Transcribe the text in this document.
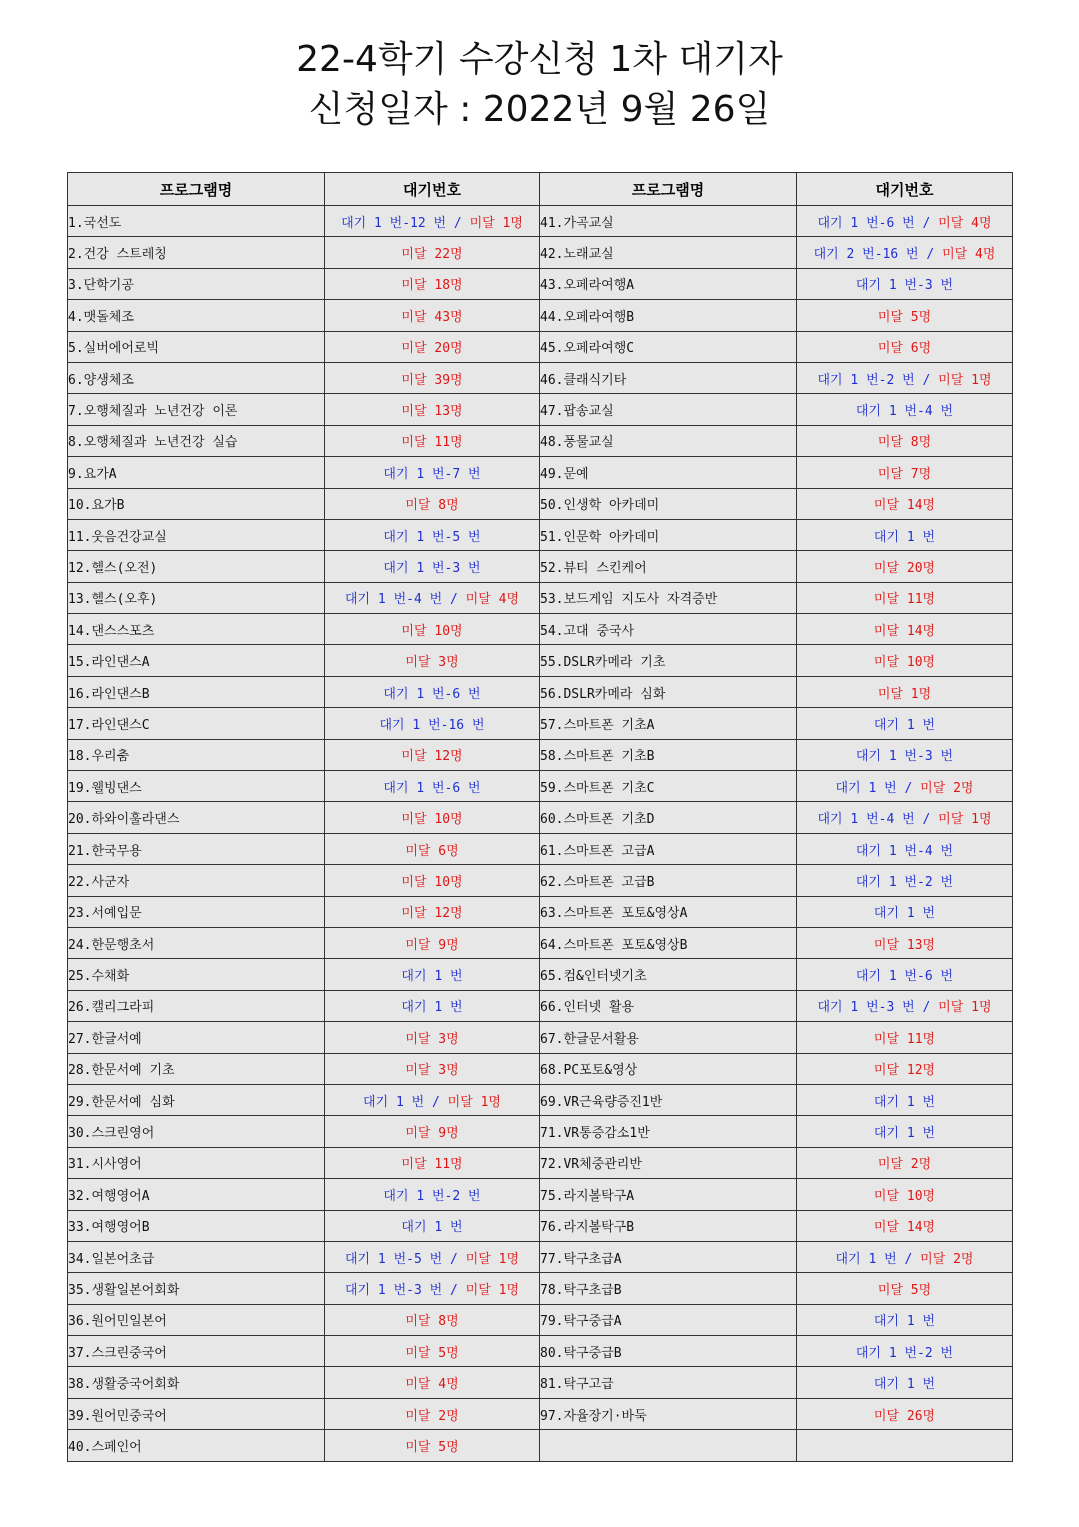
22-4학기 수강신청 1차 대기자
신청일자 : 2022년 9월 26일
프로그램명	대기번호	프로그램명	대기번호
1.국선도	대기 1 번-12 번 / 미달 1명	41.가곡교실	대기 1 번-6 번 / 미달 4명
2.건강 스트레칭	미달 22명	42.노래교실	대기 2 번-16 번 / 미달 4명
3.단학기공	미달 18명	43.오페라여행A	대기 1 번-3 번
4.맷돌체조	미달 43명	44.오페라여행B	미달 5명
5.실버에어로빅	미달 20명	45.오페라여행C	미달 6명
6.양생체조	미달 39명	46.클래식기타	대기 1 번-2 번 / 미달 1명
7.오행체질과 노년건강 이론	미달 13명	47.팝송교실	대기 1 번-4 번
8.오행체질과 노년건강 실습	미달 11명	48.풍물교실	미달 8명
9.요가A	대기 1 번-7 번	49.문예	미달 7명
10.요가B	미달 8명	50.인생학 아카데미	미달 14명
11.웃음건강교실	대기 1 번-5 번	51.인문학 아카데미	대기 1 번
12.헬스(오전)	대기 1 번-3 번	52.뷰티 스킨케어	미달 20명
13.헬스(오후)	대기 1 번-4 번 / 미달 4명	53.보드게임 지도사 자격증반	미달 11명
14.댄스스포츠	미달 10명	54.고대 중국사	미달 14명
15.라인댄스A	미달 3명	55.DSLR카메라 기초	미달 10명
16.라인댄스B	대기 1 번-6 번	56.DSLR카메라 심화	미달 1명
17.라인댄스C	대기 1 번-16 번	57.스마트폰 기초A	대기 1 번
18.우리춤	미달 12명	58.스마트폰 기초B	대기 1 번-3 번
19.웰빙댄스	대기 1 번-6 번	59.스마트폰 기초C	대기 1 번 / 미달 2명
20.하와이훌라댄스	미달 10명	60.스마트폰 기초D	대기 1 번-4 번 / 미달 1명
21.한국무용	미달 6명	61.스마트폰 고급A	대기 1 번-4 번
22.사군자	미달 10명	62.스마트폰 고급B	대기 1 번-2 번
23.서예입문	미달 12명	63.스마트폰 포토&영상A	대기 1 번
24.한문행초서	미달 9명	64.스마트폰 포토&영상B	미달 13명
25.수채화	대기 1 번	65.컴&인터넷기초	대기 1 번-6 번
26.캘리그라피	대기 1 번	66.인터넷 활용	대기 1 번-3 번 / 미달 1명
27.한글서예	미달 3명	67.한글문서활용	미달 11명
28.한문서예 기초	미달 3명	68.PC포토&영상	미달 12명
29.한문서예 심화	대기 1 번 / 미달 1명	69.VR근육량증진1반	대기 1 번
30.스크린영어	미달 9명	71.VR통증감소1반	대기 1 번
31.시사영어	미달 11명	72.VR체중관리반	미달 2명
32.여행영어A	대기 1 번-2 번	75.라지볼탁구A	미달 10명
33.여행영어B	대기 1 번	76.라지볼탁구B	미달 14명
34.일본어초급	대기 1 번-5 번 / 미달 1명	77.탁구초급A	대기 1 번 / 미달 2명
35.생활일본어회화	대기 1 번-3 번 / 미달 1명	78.탁구초급B	미달 5명
36.원어민일본어	미달 8명	79.탁구중급A	대기 1 번
37.스크린중국어	미달 5명	80.탁구중급B	대기 1 번-2 번
38.생활중국어회화	미달 4명	81.탁구고급	대기 1 번
39.원어민중국어	미달 2명	97.자율장기·바둑	미달 26명
40.스페인어	미달 5명		
